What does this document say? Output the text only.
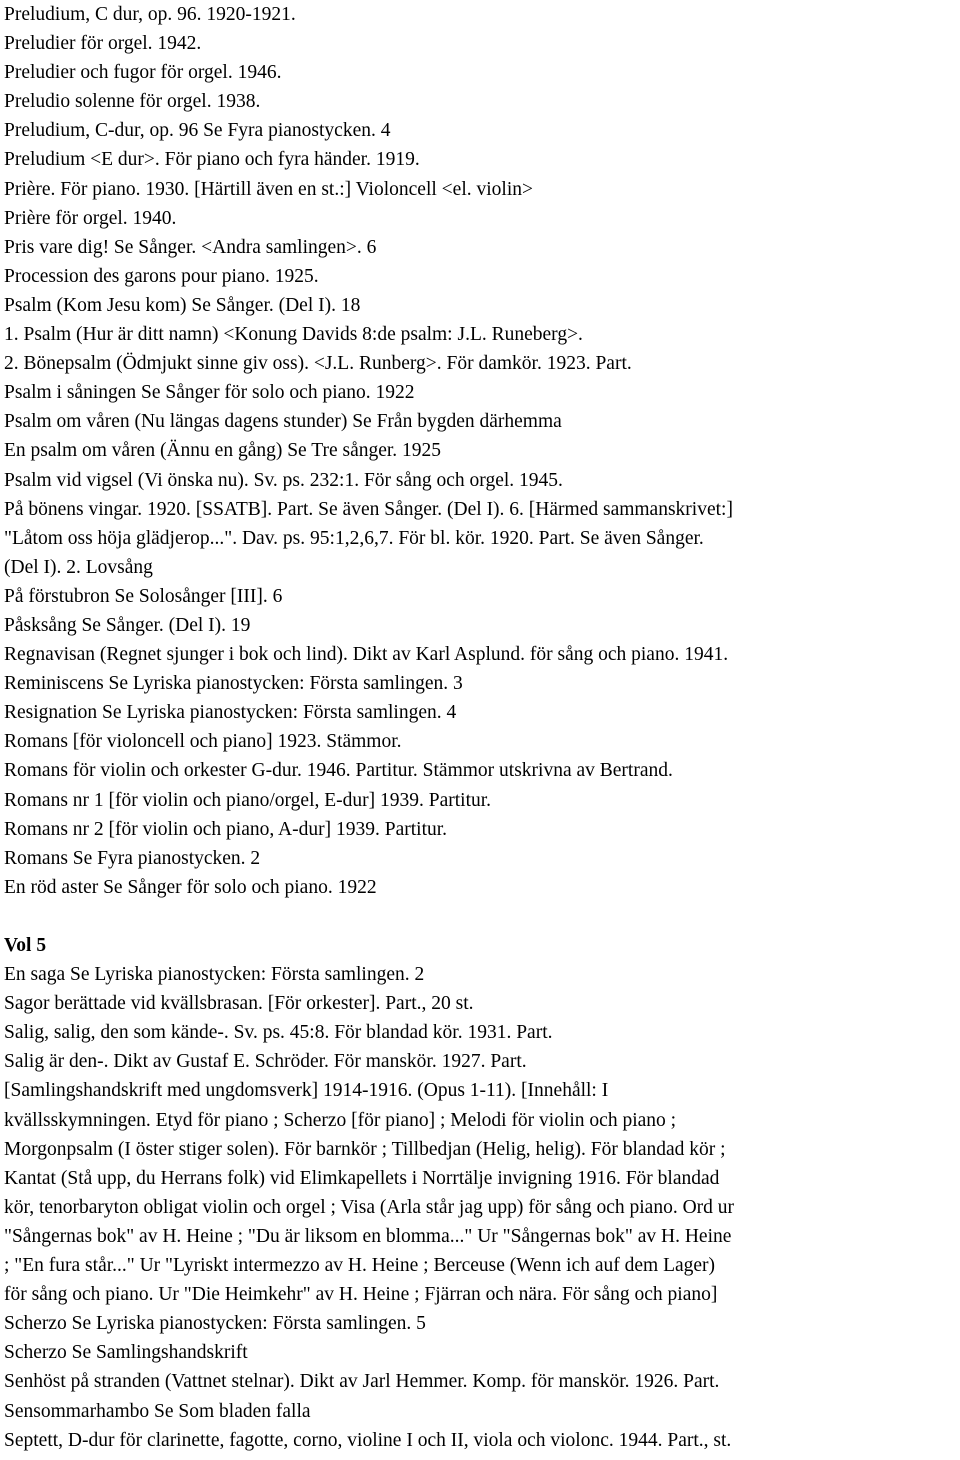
Preludium, C dur, op. 96. 1920-1921.
Preludier för orgel. 1942.
Preludier och fugor för orgel. 1946.
Preludio solenne för orgel. 1938.
Preludium, C-dur, op. 96 Se Fyra pianostycken. 4
Preludium <E dur>. För piano och fyra händer. 1919.
Prière. För piano. 1930. [Härtill även en st.:] Violoncell <el. violin>
Prière för orgel. 1940.
Pris vare dig! Se Sånger. <Andra samlingen>. 6
Procession des garons pour piano. 1925.
Psalm (Kom Jesu kom) Se Sånger. (Del I). 18
1. Psalm (Hur är ditt namn) <Konung Davids 8:de psalm: J.L. Runeberg>.
2. Bönepsalm (Ödmjukt sinne giv oss). <J.L. Runberg>. För damkör. 1923. Part.
Psalm i såningen Se Sånger för solo och piano. 1922
Psalm om våren (Nu längas dagens stunder) Se Från bygden därhemma
En psalm om våren (Ännu en gång) Se Tre sånger. 1925
Psalm vid vigsel (Vi önska nu). Sv. ps. 232:1. För sång och orgel. 1945.
På bönens vingar. 1920. [SSATB]. Part. Se även Sånger. (Del I). 6. [Härmed sammanskrivet:]
"Låtom oss höja glädjerop...". Dav. ps. 95:1,2,6,7. För bl. kör. 1920. Part. Se även Sånger.
(Del I). 2. Lovsång
På förstubron Se Solosånger [III]. 6
Påsksång Se Sånger. (Del I). 19
Regnavisan (Regnet sjunger i bok och lind). Dikt av Karl Asplund. för sång och piano. 1941.
Reminiscens Se Lyriska pianostycken: Första samlingen. 3
Resignation Se Lyriska pianostycken: Första samlingen. 4
Romans [för violoncell och piano] 1923. Stämmor.
Romans för violin och orkester G-dur. 1946. Partitur. Stämmor utskrivna av Bertrand.
Romans nr 1 [för violin och piano/orgel, E-dur] 1939. Partitur.
Romans nr 2 [för violin och piano, A-dur] 1939. Partitur.
Romans Se Fyra pianostycken. 2
En röd aster Se Sånger för solo och piano. 1922
Vol 5
En saga Se Lyriska pianostycken: Första samlingen. 2
Sagor berättade vid kvällsbrasan. [För orkester]. Part., 20 st.
Salig, salig, den som kände-. Sv. ps. 45:8. För blandad kör. 1931. Part.
Salig är den-. Dikt av Gustaf E. Schröder. För manskör. 1927. Part.
[Samlingshandskrift med ungdomsverk] 1914-1916. (Opus 1-11). [Innehåll: I
kvällsskymningen. Etyd för piano ; Scherzo [för piano] ; Melodi för violin och piano ;
Morgonpsalm (I öster stiger solen). För barnkör ; Tillbedjan (Helig, helig). För blandad kör ;
Kantat (Stå upp, du Herrans folk) vid Elimkapellets i Norrtälje invigning 1916. För blandad
kör, tenorbaryton obligat violin och orgel ; Visa (Arla står jag upp) för sång och piano. Ord ur
"Sångernas bok" av H. Heine ; "Du är liksom en blomma..." Ur "Sångernas bok" av H. Heine
; "En fura står..." Ur "Lyriskt intermezzo av H. Heine ; Berceuse (Wenn ich auf dem Lager)
för sång och piano. Ur "Die Heimkehr" av H. Heine ; Fjärran och nära. För sång och piano]
Scherzo Se Lyriska pianostycken: Första samlingen. 5
Scherzo Se Samlingshandskrift
Senhöst på stranden (Vattnet stelnar). Dikt av Jarl Hemmer. Komp. för manskör. 1926. Part.
Sensommarhambo Se Som bladen falla
Septett, D-dur för clarinette, fagotte, corno, violine I och II, viola och violonc. 1944. Part., st.
